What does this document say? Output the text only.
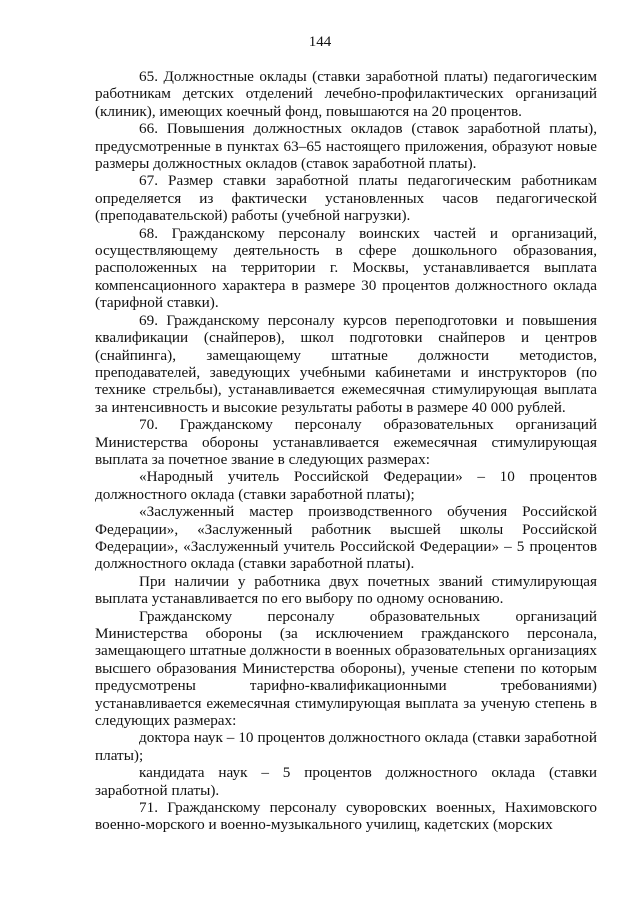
144

65. Должностные оклады (ставки заработной платы) педагогическим работникам детских отделений лечебно-профилактических организаций (клиник), имеющих коечный фонд, повышаются на 20 процентов.

66. Повышения должностных окладов (ставок заработной платы), предусмотренные в пунктах 63–65 настоящего приложения, образуют новые размеры должностных окладов (ставок заработной платы).

67. Размер ставки заработной платы педагогическим работникам определяется из фактически установленных часов педагогической (преподавательской) работы (учебной нагрузки).

68. Гражданскому персоналу воинских частей и организаций, осуществляющему деятельность в сфере дошкольного образования, расположенных на территории г. Москвы, устанавливается выплата компенсационного характера в размере 30 процентов должностного оклада (тарифной ставки).

69. Гражданскому персоналу курсов переподготовки и повышения квалификации (снайперов), школ подготовки снайперов и центров (снайпинга), замещающему штатные должности методистов, преподавателей, заведующих учебными кабинетами и инструкторов (по технике стрельбы), устанавливается ежемесячная стимулирующая выплата за интенсивность и высокие результаты работы в размере 40 000 рублей.

70. Гражданскому персоналу образовательных организаций Министерства обороны устанавливается ежемесячная стимулирующая выплата за почетное звание в следующих размерах:

«Народный учитель Российской Федерации» – 10 процентов должностного оклада (ставки заработной платы);

«Заслуженный мастер производственного обучения Российской Федерации», «Заслуженный работник высшей школы Российской Федерации», «Заслуженный учитель Российской Федерации» – 5 процентов должностного оклада (ставки заработной платы).

При наличии у работника двух почетных званий стимулирующая выплата устанавливается по его выбору по одному основанию.

Гражданскому персоналу образовательных организаций Министерства обороны (за исключением гражданского персонала, замещающего штатные должности в военных образовательных организациях высшего образования Министерства обороны), ученые степени по которым предусмотрены тарифно-квалификационными требованиями) устанавливается ежемесячная стимулирующая выплата за ученую степень в следующих размерах:

доктора наук – 10 процентов должностного оклада (ставки заработной платы);

кандидата наук – 5 процентов должностного оклада (ставки заработной платы).

71. Гражданскому персоналу суворовских военных, Нахимовского военно-морского и военно-музыкального училищ, кадетских (морских
